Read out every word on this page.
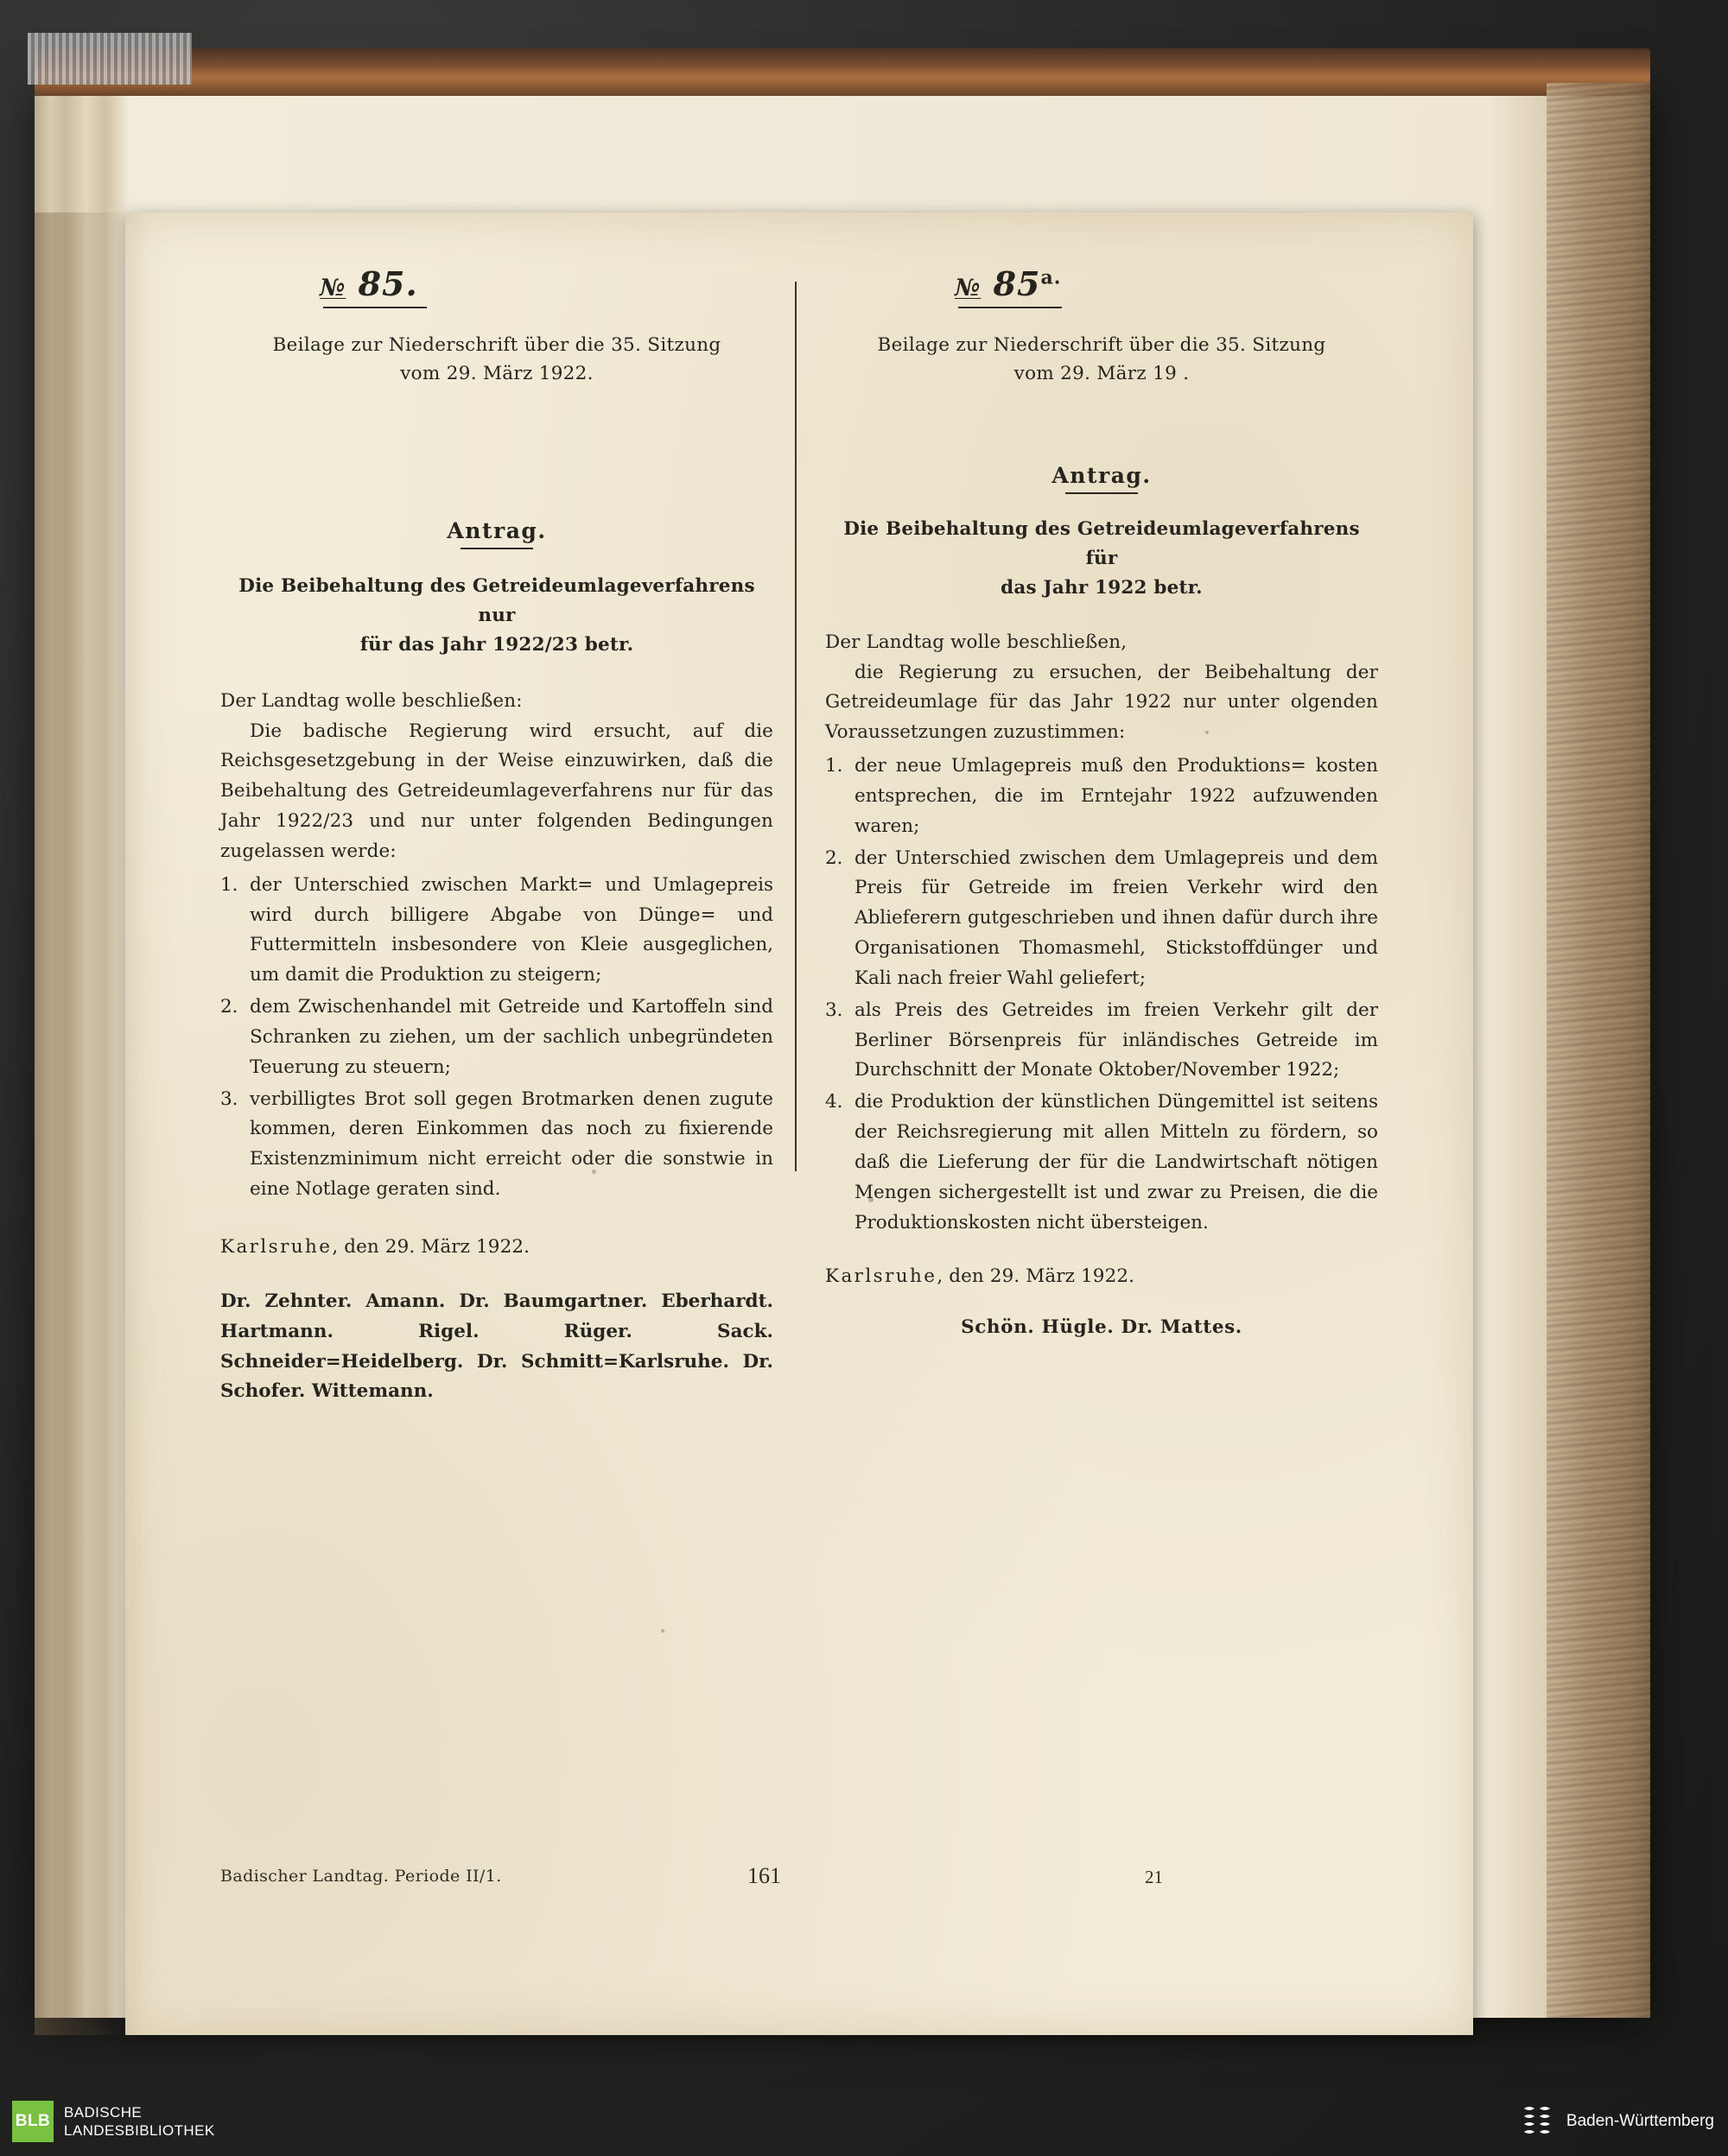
№ 85.
Beilage zur Niederschrift über die 35. Sitzung
vom 29. März 1922.
Antrag.
Die Beibehaltung des Getreideumlageverfahrens nur
für das Jahr 1922/23 betr.
Der Landtag wolle beschließen:
Die badische Regierung wird ersucht, auf die Reichsgesetzgebung in der Weise einzuwirken, daß die Beibehaltung des Getreideumlageverfahrens nur für das Jahr 1922/23 und nur unter folgenden Bedingungen zugelassen werde:
1. der Unterschied zwischen Markt= und Umlagepreis wird durch billigere Abgabe von Dünge= und Futtermitteln insbesondere von Kleie ausgeglichen, um damit die Produktion zu steigern;
2. dem Zwischenhandel mit Getreide und Kartoffeln sind Schranken zu ziehen, um der sachlich unbegründeten Teuerung zu steuern;
3. verbilligtes Brot soll gegen Brotmarken denen zugute kommen, deren Einkommen das noch zu fixierende Existenzminimum nicht erreicht oder die sonstwie in eine Notlage geraten sind.
Karlsruhe, den 29. März 1922.
Dr. Zehnter. Amann. Dr. Baumgartner. Eberhardt. Hartmann. Rigel. Rüger. Sack. Schneider=Heidelberg. Dr. Schmitt=Karlsruhe. Dr. Schofer. Wittemann.
№ $85^{a.}$
Beilage zur Niederschrift über die 35. Sitzung
vom 29. März 19 .
Antrag.
Die Beibehaltung des Getreideumlageverfahrens für
das Jahr 1922 betr.
Der Landtag wolle beschließen,
die Regierung zu ersuchen, der Beibehaltung der Getreideumlage für das Jahr 1922 nur unter olgenden Voraussetzungen zuzustimmen:
1. der neue Umlagepreis muß den Produktions= kosten entsprechen, die im Erntejahr 1922 aufzuwenden waren;
2. der Unterschied zwischen dem Umlagepreis und dem Preis für Getreide im freien Verkehr wird den Ablieferern gutgeschrieben und ihnen dafür durch ihre Organisationen Thomasmehl, Stickstoffdünger und Kali nach freier Wahl geliefert;
3. als Preis des Getreides im freien Verkehr gilt der Berliner Börsenpreis für inländisches Getreide im Durchschnitt der Monate Oktober/November 1922;
4. die Produktion der künstlichen Düngemittel ist seitens der Reichsregierung mit allen Mitteln zu fördern, so daß die Lieferung der für die Landwirtschaft nötigen Mengen sichergestellt ist und zwar zu Preisen, die die Produktionskosten nicht übersteigen.
Karlsruhe, den 29. März 1922.
Schön. Hügle. Dr. Mattes.
Badischer Landtag. Periode II/1.	161	21
BLB BADISCHE
LANDESBIBLIOTHEK
Baden-Württemberg
